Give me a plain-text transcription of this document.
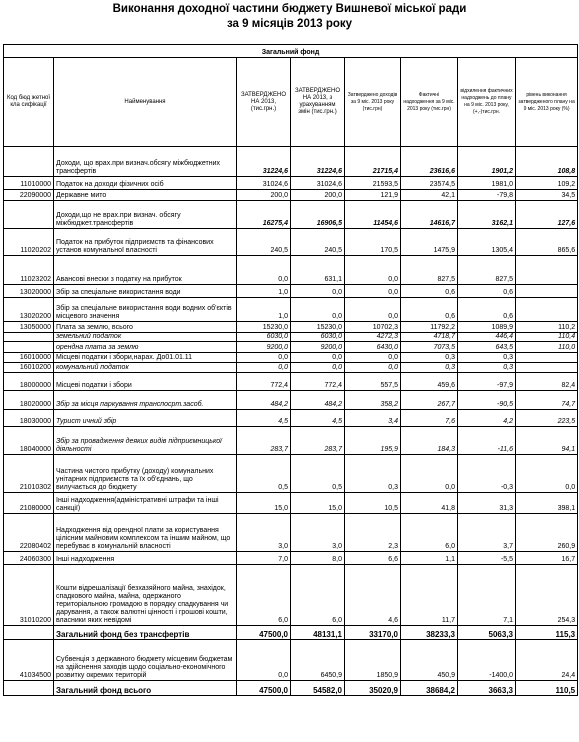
Виконання доходної частини бюджету Вишневої міської ради
за 9 місяців 2013 року
Загальний фонд							
Код бюд жетної кла сифікації	Найменування	ЗАТВЕРДЖЕНО НА 2013, (тис.грн.)	ЗАТВЕРДЖЕНО НА 2013, з урахуванням змін (тис.грн.)	Затверджено доходів за 9 міс. 2013 року (тис.грн)	Фактичні надходження за 9 міс. 2013 року (тис.грн)	відхилення фактичних надходжень до плану на 9 міс. 2013 року, (+,-)тис.грн.	рівень виконання затвердженого плану на 9 міс. 2013 року (%)
	Доходи, що врах.при визнач.обсягу міжбюджетних трансфертів	31224,6	31224,6	21715,4	23616,6	1901,2	108,8
11010000	Податок на доходи фізичних осіб	31024,6	31024,6	21593,5	23574,5	1981,0	109,2
22090000	Державне мито	200,0	200,0	121,9	42,1	-79,8	34,5
	Доходи,що не врах.при визнач. обсягу міжбюджет.трансфертів	16275,4	16906,5	11454,6	14616,7	3162,1	127,6
11020202	Податок на прибуток підприємств та фінансових установ комунальної власності	240,5	240,5	170,5	1475,9	1305,4	865,6
11023202	Авансові внески з податку на прибуток	0,0	631,1	0,0	827,5	827,5	
13020000	Збір за спеціальне використання води	1,0	0,0	0,0	0,6	0,6	
13020200	Збір за спеціальне використання води водних об'єктів місцевого значення	1,0	0,0	0,0	0,6	0,6	
13050000	Плата за землю, всього	15230,0	15230,0	10702,3	11792,2	1089,9	110,2
	земельний податок	6030,0	6030,0	4272,3	4718,7	446,4	110,4
	орендна плата за землю	9200,0	9200,0	6430,0	7073,5	643,5	110,0
16010000	Місцеві податки і збори,нарах. До01.01.11	0,0	0,0	0,0	0,3	0,3	
16010200	комунальний податок	0,0	0,0	0,0	0,3	0,3	
18000000	Місцеві податки і збори	772,4	772,4	557,5	459,6	-97,9	82,4
18020000	Збір за місця паркування транспосрт.засоб.	484,2	484,2	358,2	267,7	-90,5	74,7
18030000	Турист ичний збір	4,5	4,5	3,4	7,6	4,2	223,5
18040000	Збір за провадження деяких видів підприємницької діяльності	283,7	283,7	195,9	184,3	-11,6	94,1
21010302	Частина чистого прибутку (доходу) комунальних унітарних підприємств та їх об'єднань, що вилучається до бюджету	0,5	0,5	0,3	0,0	-0,3	0,0
21080000	Інші надходження(адміністративні штрафи та інші санкції)	15,0	15,0	10,5	41,8	31,3	398,1
22080402	Надходження від орендної плати за користування цілісним майновим комплексом та іншим майном, що перебуває в комунальній власності	3,0	3,0	2,3	6,0	3,7	260,9
24060300	Інші надходження	7,0	8,0	6,6	1,1	-5,5	16,7
31010200	Кошти відрешалізації безхазяйного майна, знахідок, спадкового майна, майна, одержаного територіальною громадою в порядку спадкування чи дарування, а також валютні цінності і грошові кошти, власники яких невідомі	6,0	6,0	4,6	11,7	7,1	254,3
	Загальний фонд без трансфертів	47500,0	48131,1	33170,0	38233,3	5063,3	115,3
41034500	Субвенція з державного бюджету місцевим бюджетам на здійснення заходів щодо соціально-економічного розвитку окремих територій	0,0	6450,9	1850,9	450,9	-1400,0	24,4
	Загальний фонд всього	47500,0	54582,0	35020,9	38684,2	3663,3	110,5
